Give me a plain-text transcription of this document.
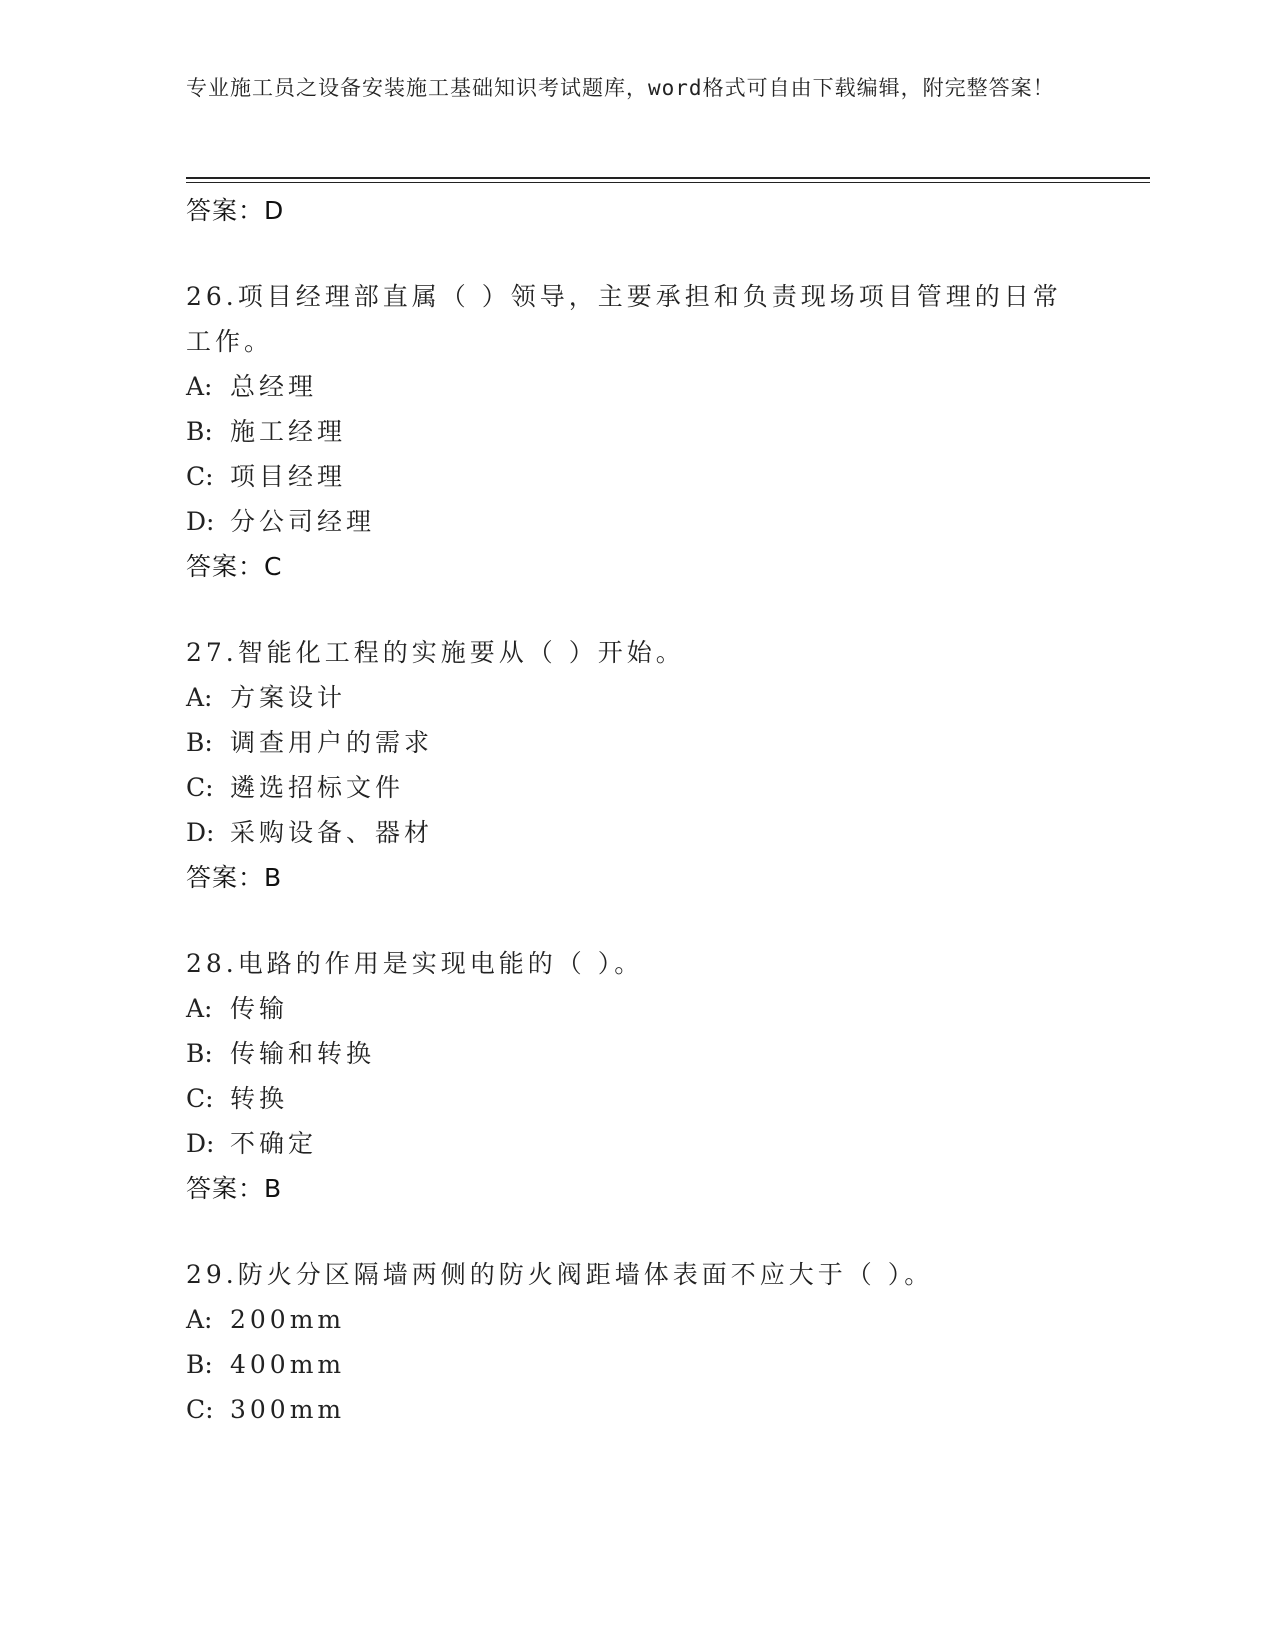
专业施工员之设备安装施工基础知识考试题库，word格式可自由下载编辑，附完整答案！
答案：D
26.项目经理部直属（ ）领导，主要承担和负责现场项目管理的日常
工作。
A: 总经理
B: 施工经理
C: 项目经理
D: 分公司经理
答案：C
27.智能化工程的实施要从（ ）开始。
A: 方案设计
B: 调查用户的需求
C: 遴选招标文件
D: 采购设备、器材
答案：B
28.电路的作用是实现电能的（ ）。
A: 传输
B: 传输和转换
C: 转换
D: 不确定
答案：B
29.防火分区隔墙两侧的防火阀距墙体表面不应大于（ ）。
A: 200mm
B: 400mm
C: 300mm
